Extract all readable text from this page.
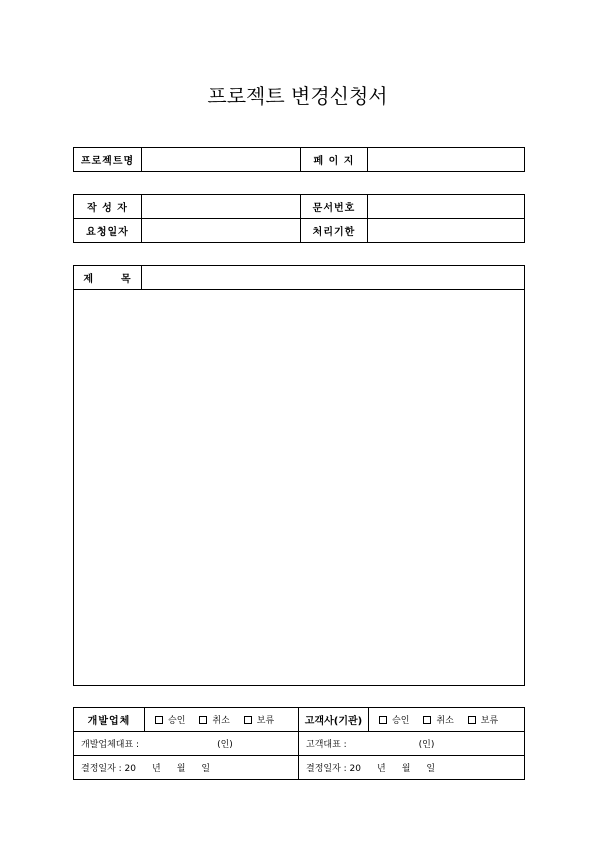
프로젝트 변경신청서
프로젝트명		페 이 지	
작 성 자		문서번호	
요청일자		처리기한	
제      목	

개발업체	승인 취소 보류	고객사(기관)	승인 취소 보류
개발업체대표 : (인)		고객대표 : (인)	
결정일자 : 20 년 월 일		결정일자 : 20 년 월 일	
